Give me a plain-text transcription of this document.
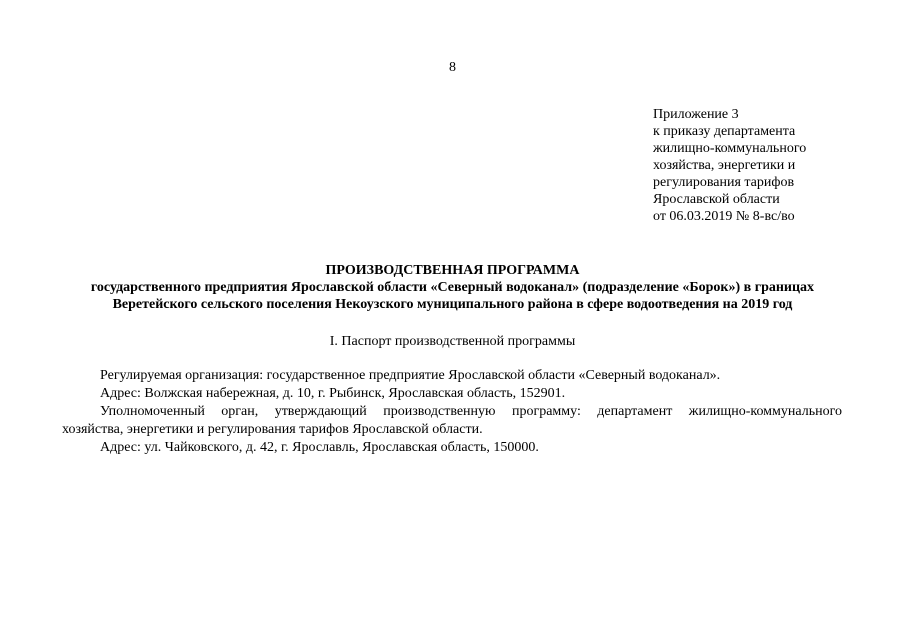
8
Приложение 3
к приказу департамента
жилищно-коммунального
хозяйства, энергетики и
регулирования тарифов
Ярославской области
от 06.03.2019 № 8-вс/во
ПРОИЗВОДСТВЕННАЯ ПРОГРАММА
государственного предприятия Ярославской области «Северный водоканал» (подразделение «Борок») в границах
Веретейского сельского поселения Некоузского муниципального района в сфере водоотведения на 2019 год
I. Паспорт производственной программы

Регулируемая организация: государственное предприятие Ярославской области «Северный водоканал».

Адрес: Волжская набережная, д. 10, г. Рыбинск, Ярославская область, 152901.

Уполномоченный орган, утверждающий производственную программу: департамент жилищно-коммунального

хозяйства, энергетики и регулирования тарифов Ярославской области.

Адрес: ул. Чайковского, д. 42, г. Ярославль, Ярославская область, 150000.
